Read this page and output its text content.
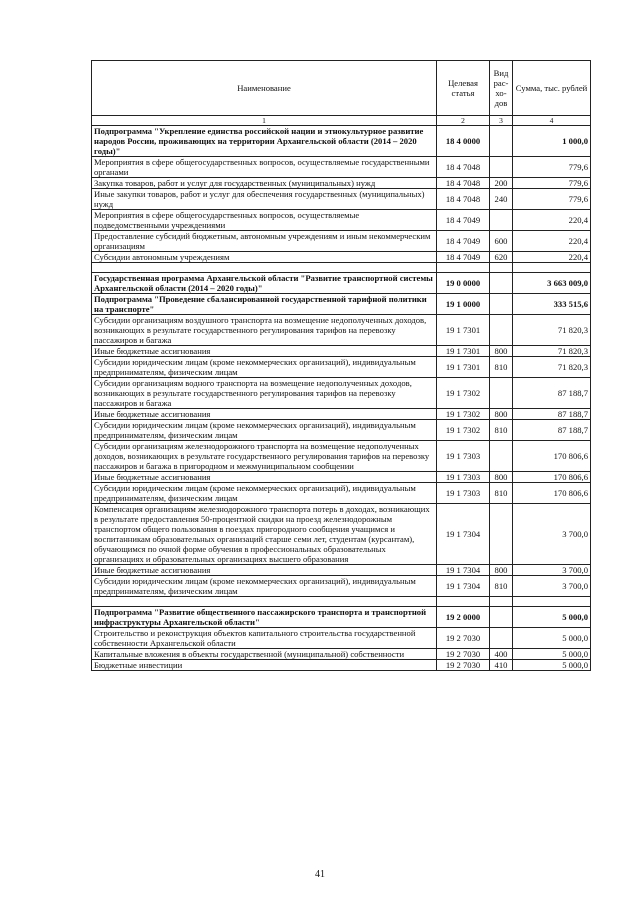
Наименование	Целевая статья	Вид рас-хо-дов	Сумма, тыс. рублей
1	2	3	4
Подпрограмма "Укрепление единства российской нации и этнокультурное развитие народов России, проживающих на территории Архангельской области (2014 – 2020 годы)"	18 4 0000		1 000,0
Мероприятия в сфере общегосударственных вопросов, осуществляемые государственными органами	18 4 7048		779,6
Закупка товаров, работ и услуг для государственных (муниципальных) нужд	18 4 7048	200	779,6
Иные закупки товаров, работ и услуг для обеспечения государственных (муниципальных) нужд	18 4 7048	240	779,6
Мероприятия в сфере общегосударственных вопросов, осуществляемые подведомственными учреждениями	18 4 7049		220,4
Предоставление субсидий бюджетным, автономным учреждениям и иным некоммерческим организациям	18 4 7049	600	220,4
Субсидии автономным учреждениям	18 4 7049	620	220,4

Государственная программа Архангельской области "Развитие транспортной системы Архангельской области (2014 – 2020 годы)"	19 0 0000		3 663 009,0
Подпрограмма "Проведение сбалансированной государственной тарифной политики на транспорте"	19 1 0000		333 515,6
Субсидии организациям воздушного транспорта на возмещение недополученных доходов, возникающих в результате государственного регулирования тарифов на перевозку пассажиров и багажа	19 1 7301		71 820,3
Иные бюджетные ассигнования	19 1 7301	800	71 820,3
Субсидии юридическим лицам (кроме некоммерческих организаций), индивидуальным предпринимателям, физическим лицам	19 1 7301	810	71 820,3
Субсидии организациям водного транспорта на возмещение недополученных доходов, возникающих в результате государственного регулирования тарифов на перевозку пассажиров и багажа	19 1 7302		87 188,7
Иные бюджетные ассигнования	19 1 7302	800	87 188,7
Субсидии юридическим лицам (кроме некоммерческих организаций), индивидуальным предпринимателям, физическим лицам	19 1 7302	810	87 188,7
Субсидии организациям железнодорожного транспорта на возмещение недополученных доходов, возникающих в результате государственного регулирования тарифов на перевозку пассажиров и багажа в пригородном и межмуниципальном сообщении	19 1 7303		170 806,6
Иные бюджетные ассигнования	19 1 7303	800	170 806,6
Субсидии юридическим лицам (кроме некоммерческих организаций), индивидуальным предпринимателям, физическим лицам	19 1 7303	810	170 806,6
Компенсация организациям железнодорожного транспорта потерь в доходах, возникающих в результате предоставления 50-процентной скидки на проезд железнодорожным транспортом общего пользования в поездах пригородного сообщения учащимся и воспитанникам образовательных организаций старше семи лет, студентам (курсантам), обучающимся по очной форме обучения в профессиональных образовательных организациях и образовательных организациях высшего образования	19 1 7304		3 700,0
Иные бюджетные ассигнования	19 1 7304	800	3 700,0
Субсидии юридическим лицам (кроме некоммерческих организаций), индивидуальным предпринимателям, физическим лицам	19 1 7304	810	3 700,0

Подпрограмма "Развитие общественного пассажирского транспорта и транспортной инфраструктуры Архангельской области"	19 2 0000		5 000,0
Строительство и реконструкция объектов капитального строительства государственной собственности Архангельской области	19 2 7030		5 000,0
Капитальные вложения в объекты государственной (муниципальной) собственности	19 2 7030	400	5 000,0
Бюджетные инвестиции	19 2 7030	410	5 000,0
41
